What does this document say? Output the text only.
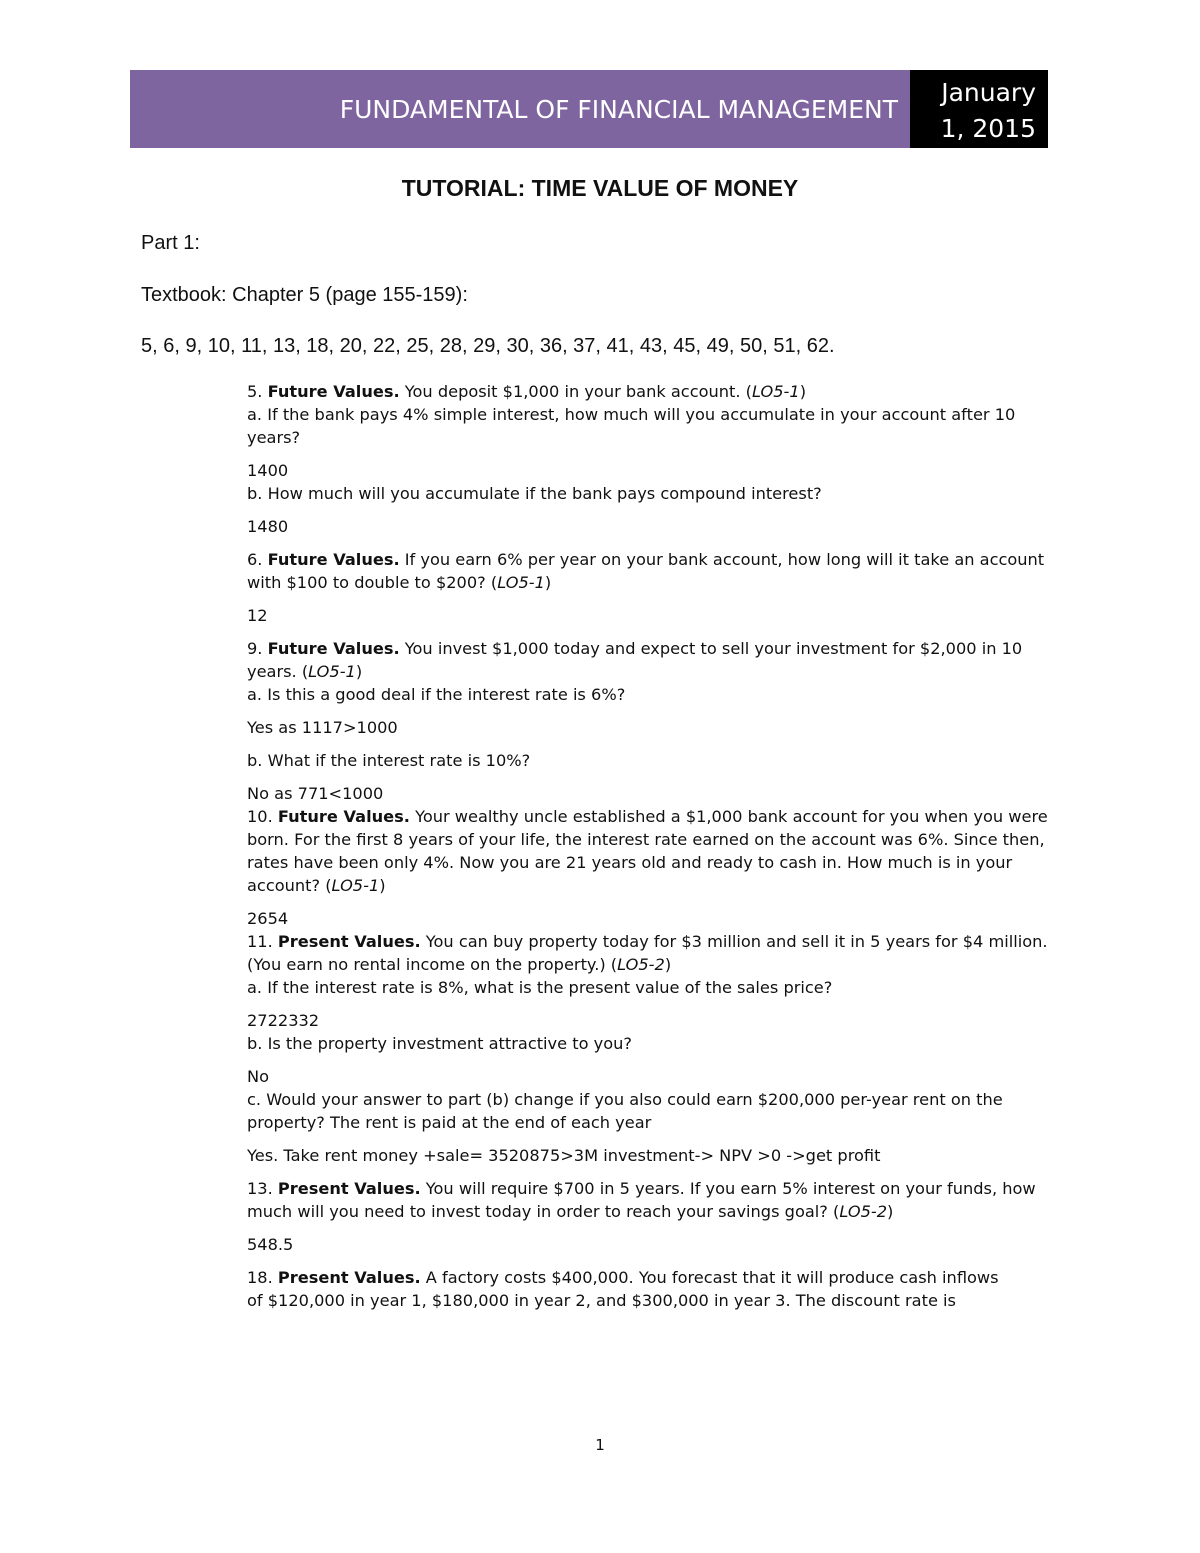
FUNDAMENTAL OF FINANCIAL MANAGEMENT
January
1, 2015
TUTORIAL: TIME VALUE OF MONEY
Part 1:
Textbook: Chapter 5 (page 155-159):
5, 6, 9, 10, 11, 13, 18, 20, 22, 25, 28, 29, 30, 36, 37, 41, 43, 45, 49, 50, 51, 62.

5. Future Values. You deposit $1,000 in your bank account. (LO5-1)

a. If the bank pays 4% simple interest, how much will you accumulate in your account after 10 years?

1400

b. How much will you accumulate if the bank pays compound interest?

1480

6. Future Values. If you earn 6% per year on your bank account, how long will it take an account with $100 to double to $200? (LO5-1)

12

9. Future Values. You invest $1,000 today and expect to sell your investment for $2,000 in 10 years. (LO5-1)

a. Is this a good deal if the interest rate is 6%?

Yes as 1117>1000

b. What if the interest rate is 10%?

No as 771<1000

10. Future Values. Your wealthy uncle established a $1,000 bank account for you when you were born. For the first 8 years of your life, the interest rate earned on the account was 6%. Since then, rates have been only 4%. Now you are 21 years old and ready to cash in. How much is in your account? (LO5-1)

2654

11. Present Values. You can buy property today for $3 million and sell it in 5 years for $4 million.

(You earn no rental income on the property.) (LO5-2)

a. If the interest rate is 8%, what is the present value of the sales price?

2722332

b. Is the property investment attractive to you?

No

c. Would your answer to part (b) change if you also could earn $200,000 per-year rent on the property? The rent is paid at the end of each year

Yes. Take rent money +sale= 3520875>3M investment-> NPV >0 ->get profit

13. Present Values. You will require $700 in 5 years. If you earn 5% interest on your funds, how

much will you need to invest today in order to reach your savings goal? (LO5-2)

548.5

18. Present Values. A factory costs $400,000. You forecast that it will produce cash inflows

of $120,000 in year 1, $180,000 in year 2, and $300,000 in year 3. The discount rate is

1
